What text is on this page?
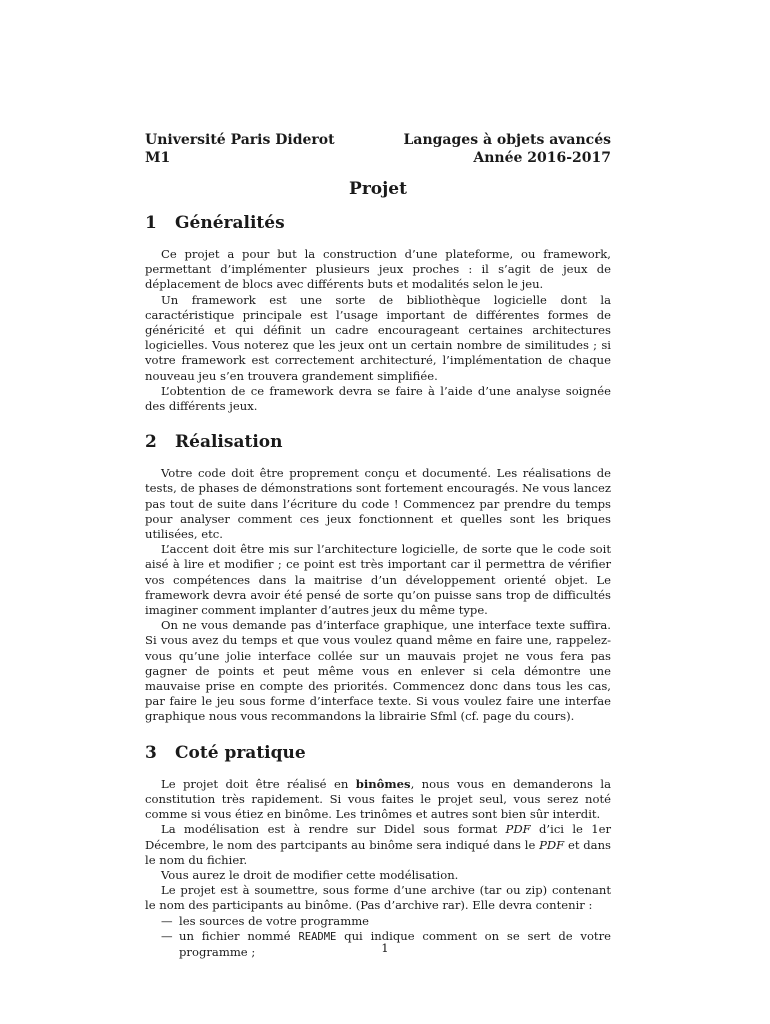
Université Paris Diderot
M1
Langages à objets avancés
Année 2016-2017
Projet
1	Généralités

Ce projet a pour but la construction d’une plateforme, ou framework, permettant d’implémenter plusieurs jeux proches : il s’agit de jeux de déplacement de blocs avec différents buts et modalités selon le jeu.

Un framework est une sorte de bibliothèque logicielle dont la caractéristique principale est l’usage important de différentes formes de généricité et qui définit un cadre encourageant certaines architectures logicielles. Vous noterez que les jeux ont un certain nombre de similitudes ; si votre framework est correctement architecturé, l’implémentation de chaque nouveau jeu s’en trouvera grandement simplifiée.

L’obtention de ce framework devra se faire à l’aide d’une analyse soignée des différents jeux.

2	Réalisation

Votre code doit être proprement conçu et documenté. Les réalisations de tests, de phases de démonstrations sont fortement encouragés. Ne vous lancez pas tout de suite dans l’écriture du code ! Commencez par prendre du temps pour analyser comment ces jeux fonctionnent et quelles sont les briques utilisées, etc.

L’accent doit être mis sur l’architecture logicielle, de sorte que le code soit aisé à lire et modifier ; ce point est très important car il permettra de vérifier vos compétences dans la maitrise d’un développement orienté objet. Le framework devra avoir été pensé de sorte qu’on puisse sans trop de difficultés imaginer comment implanter d’autres jeux du même type.

On ne vous demande pas d’interface graphique, une interface texte suffira. Si vous avez du temps et que vous voulez quand même en faire une, rappelez-vous qu’une jolie interface collée sur un mauvais projet ne vous fera pas gagner de points et peut même vous en enlever si cela démontre une mauvaise prise en compte des priorités. Commencez donc dans tous les cas, par faire le jeu sous forme d’interface texte. Si vous voulez faire une interfae graphique nous vous recommandons la librairie Sfml (cf. page du cours).

3	Coté pratique

Le projet doit être réalisé en binômes, nous vous en demanderons la constitution très rapidement. Si vous faites le projet seul, vous serez noté comme si vous étiez en binôme. Les trinômes et autres sont bien sûr interdit.

La modélisation est à rendre sur Didel sous format PDF d’ici le 1er Décembre, le nom des partcipants au binôme sera indiqué dans le PDF et dans le nom du fichier.

Vous aurez le droit de modifier cette modélisation.

Le projet est à soumettre, sous forme d’une archive (tar ou zip) contenant le nom des participants au binôme. (Pas d’archive rar). Elle devra contenir :

— les sources de votre programme
— un fichier nommé README qui indique comment on se sert de votre programme ;	1
